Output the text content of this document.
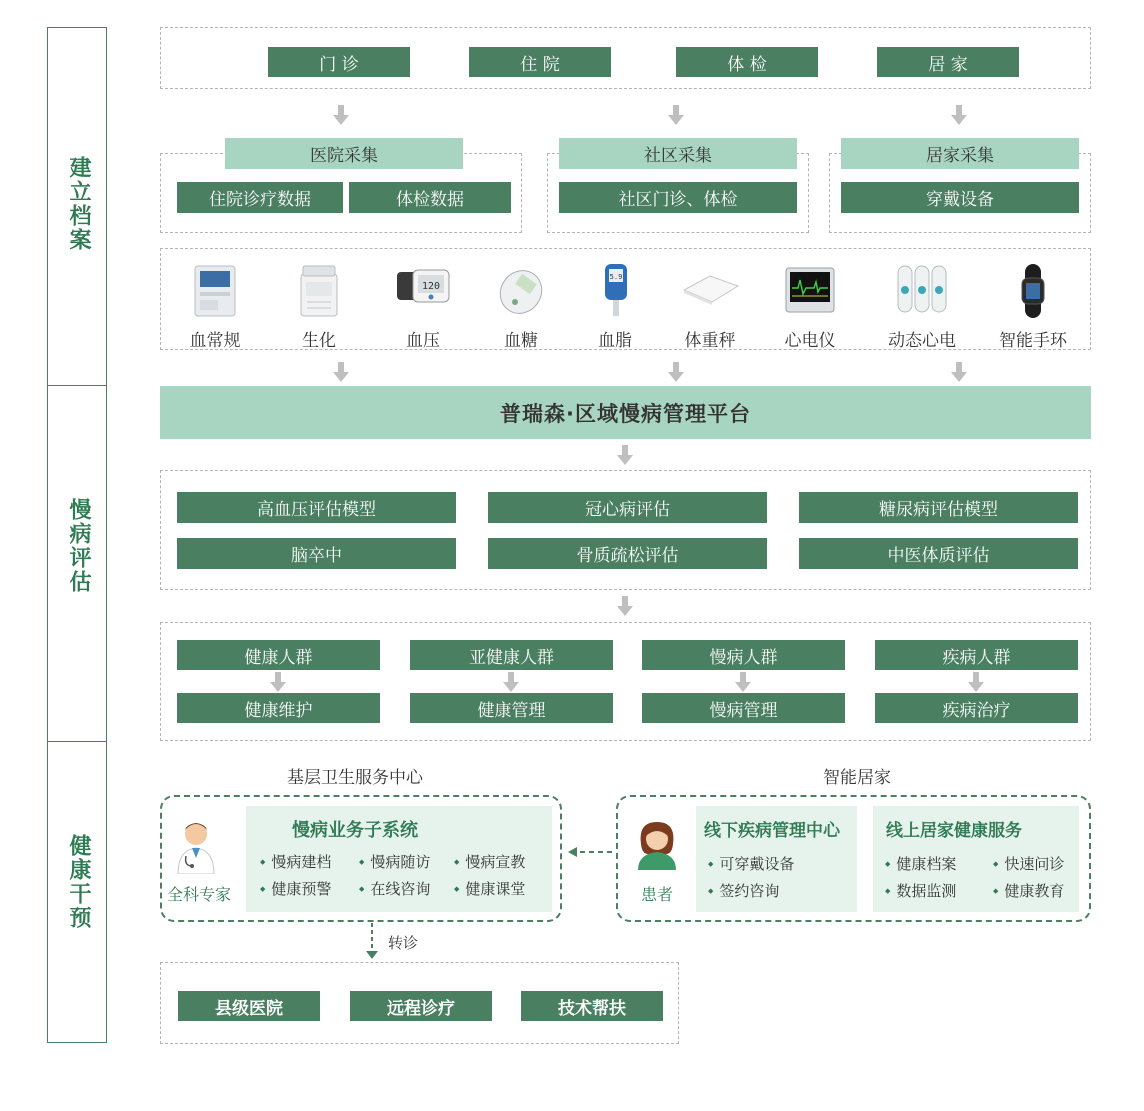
建立档案
慢病评估
健康干预
门 诊	住 院	体 检	居 家
医院采集
住院诊疗数据	体检数据
社区采集
社区门诊、体检
居家采集
穿戴设备
血常规	生化
120
血压	血糖
5.9
血脂	体重秤	心电仪	动态心电	智能手环
普瑞森·区域慢病管理平台
高血压评估模型	冠心病评估	糖尿病评估模型
脑卒中	骨质疏松评估	中医体质评估
健康人群
健康维护
亚健康人群
健康管理
慢病人群
慢病管理
疾病人群
疾病治疗
基层卫生服务中心	智能居家
全科专家
慢病业务子系统
◆ 慢病建档	◆ 慢病随访	◆ 慢病宣教
◆ 健康预警	◆ 在线咨询	◆ 健康课堂	患者
线下疾病管理中心
◆ 可穿戴设备
◆ 签约咨询
线上居家健康服务
◆ 健康档案	◆ 快速问诊
◆ 数据监测	◆ 健康教育
转诊
县级医院	远程诊疗	技术帮扶
